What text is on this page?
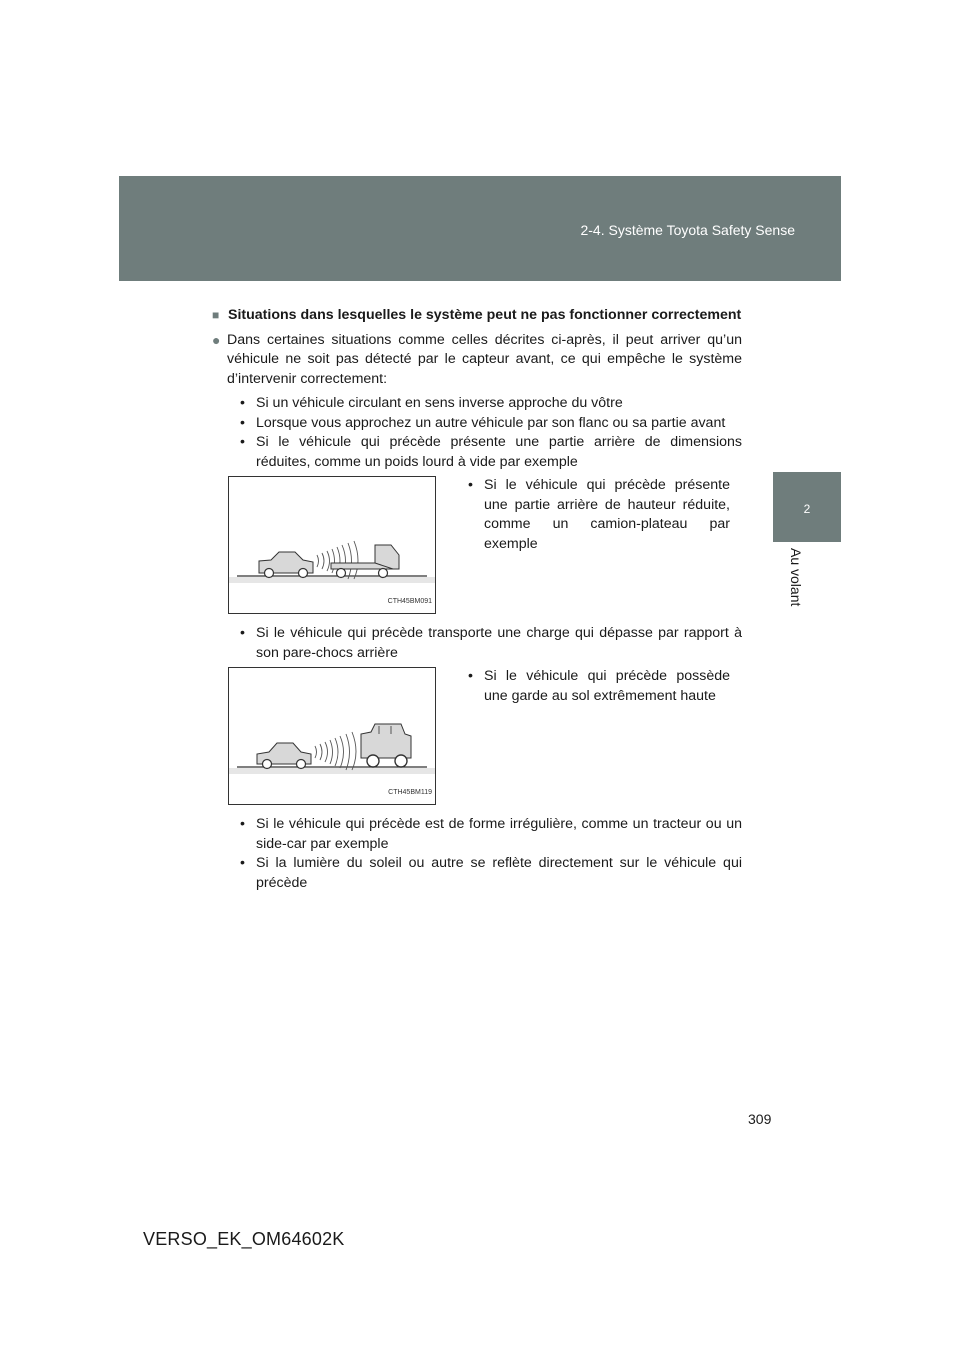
2-4. Système Toyota Safety Sense
2
Au volant
■ Situations dans lesquelles le système peut ne pas fonctionner correctement
● Dans certaines situations comme celles décrites ci-après, il peut arriver qu’un véhicule ne soit pas détecté par le capteur avant, ce qui empêche le système d’intervenir correctement:
• Si un véhicule circulant en sens inverse approche du vôtre
• Lorsque vous approchez un autre véhicule par son flanc ou sa partie avant
• Si le véhicule qui précède présente une partie arrière de dimensions réduites, comme un poids lourd à vide par exemple
CTH45BM091
• Si le véhicule qui précède présente une partie arrière de hauteur réduite, comme un camion-plateau par exemple
• Si le véhicule qui précède transporte une charge qui dépasse par rapport à son pare-chocs arrière
CTH45BM119
• Si le véhicule qui précède possède une garde au sol extrêmement haute
• Si le véhicule qui précède est de forme irrégulière, comme un tracteur ou un side-car par exemple
• Si la lumière du soleil ou autre se reflète directement sur le véhicule qui précède
309
VERSO_EK_OM64602K
